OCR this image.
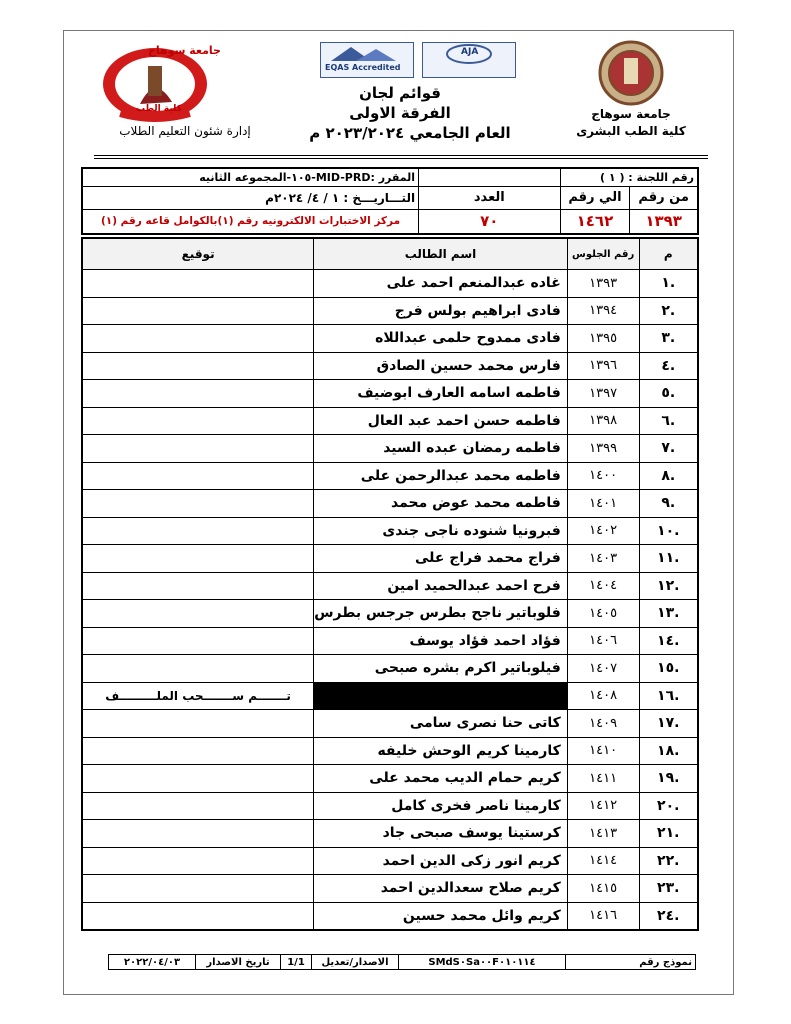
جامعة سوهاج
كلية الطب
EQAS Accredited
AJA
جامعة سوهاج
كلية الطب البشرى
إدارة شئون التعليم الطلاب
قوائم لجان
الفرقة الاولى
العام الجامعي ٢٠٢٣/٢٠٢٤ م
المقرر :MID-PRD-١٠٥-المجموعه الثانيه		رقم اللجنة : ( ١ )	
التـــاريـــخ : ١ / ٤/ ٢٠٢٤م	العدد	الي رقم	من رقم
مركز الاختبارات الالكترونيه رقم (١)بالكوامل قاعه رقم (١)	٧٠	١٤٦٢	١٣٩٣
توقيع	اسم الطالب	رقم الجلوس	م
	غاده عبدالمنعم احمد على	١٣٩٣	.١
	فادى ابراهيم بولس فرج	١٣٩٤	.٢
	فادى ممدوح حلمى عبداللاه	١٣٩٥	.٣
	فارس محمد حسين الصادق	١٣٩٦	.٤
	فاطمه اسامه العارف ابوضيف	١٣٩٧	.٥
	فاطمه حسن احمد عبد العال	١٣٩٨	.٦
	فاطمه رمضان عبده السيد	١٣٩٩	.٧
	فاطمه محمد عبدالرحمن على	١٤٠٠	.٨
	فاطمه محمد عوض محمد	١٤٠١	.٩
	فبرونيا شنوده ناجى جندى	١٤٠٢	.١٠
	فراج محمد فراج على	١٤٠٣	.١١
	فرح احمد عبدالحميد امين	١٤٠٤	.١٢
	فلوباتير ناجح بطرس جرجس بطرس	١٤٠٥	.١٣
	فؤاد احمد فؤاد يوسف	١٤٠٦	.١٤
	فيلوباتير اكرم بشره صبحى	١٤٠٧	.١٥
تـــــــم ســـــــحب الملـــــــــف		١٤٠٨	.١٦
	كاتى حنا نصرى سامى	١٤٠٩	.١٧
	كارمينا كريم الوحش خليفه	١٤١٠	.١٨
	كريم حمام الديب محمد على	١٤١١	.١٩
	كارمينا ناصر فخرى كامل	١٤١٢	.٢٠
	كرستينا يوسف صبحى جاد	١٤١٣	.٢١
	كريم انور زكى الدين احمد	١٤١٤	.٢٢
	كريم صلاح سعدالدين احمد	١٤١٥	.٢٣
	كريم وائل محمد حسين	١٤١٦	.٢٤
٢٠٢٢/٠٤/٠٣	تاريخ الاصدار	1/1	الاصدار/تعديل	SMdS٠Sa٠٠F٠١٠١١٤		نموذج رقم
